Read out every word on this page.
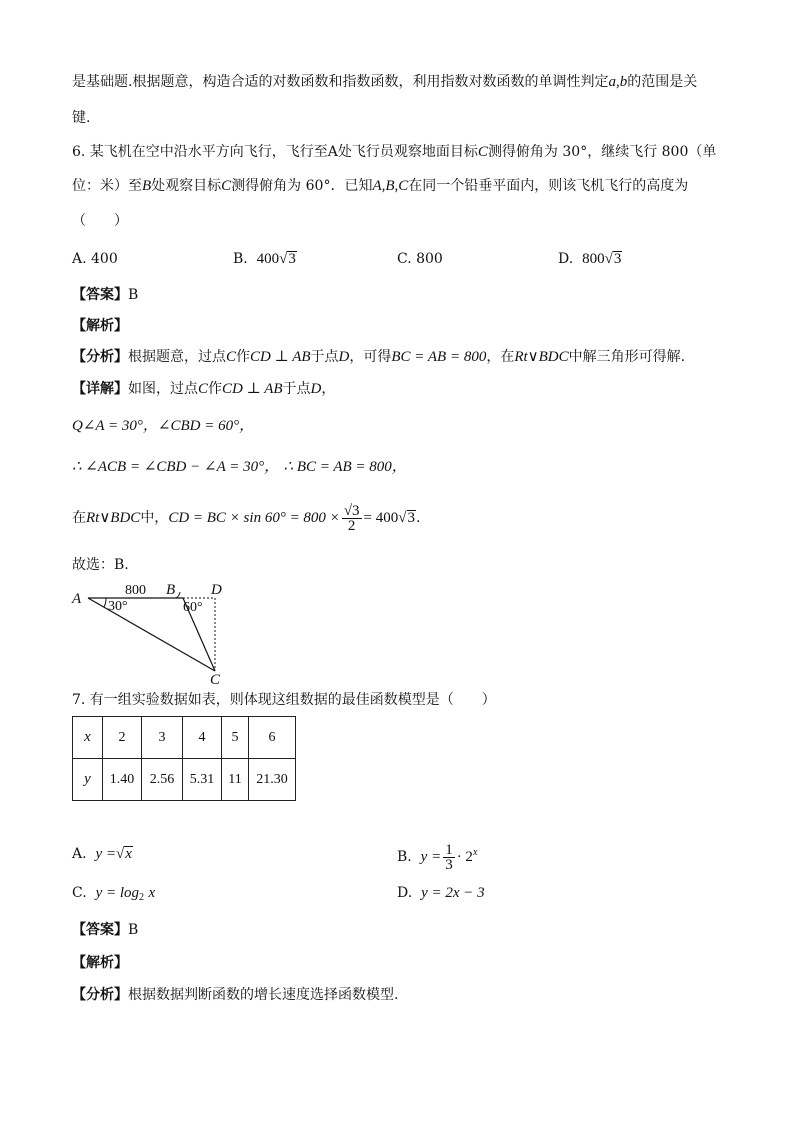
是基础题.根据题意，构造合适的对数函数和指数函数，利用指数对数函数的单调性判定a,b的范围是关
键.
6. 某飞机在空中沿水平方向飞行，飞行至A处飞行员观察地面目标C测得俯角为 30°，继续飞行 800（单
位：米）至B处观察目标C测得俯角为 60°．已知A,B,C在同一个铅垂平面内，则该飞机飞行的高度为
（　　）
A. 400	B. 400√3	C. 800	D. 800√3
【答案】B
【解析】
【分析】根据题意，过点C作CD ⊥ AB于点D，可得BC = AB = 800，在Rt∨BDC中解三角形可得解.
【详解】如图，过点C作CD ⊥ AB于点D，
Q∠A = 30°，∠CBD = 60°，
∴ ∠ACB = ∠CBD − ∠A = 30°， ∴ BC = AB = 800，
在Rt∨BDC中，CD = BC × $\sin 60^\circ = 800 \times \frac{√3}{2} = 400√3$.
故选：B.
A
B D
C
800
30°	60°
7. 有一组实验数据如表，则体现这组数据的最佳函数模型是（　　）
x	2	3	4	5	6
y	1.40	2.56	5.31	11	21.30
A. y =√x	B. $y = \frac{1}{3} \cdot 2^x$
C. $y = \log_2 x$	D. y = 2x − 3
【答案】B
【解析】
【分析】根据数据判断函数的增长速度选择函数模型.
